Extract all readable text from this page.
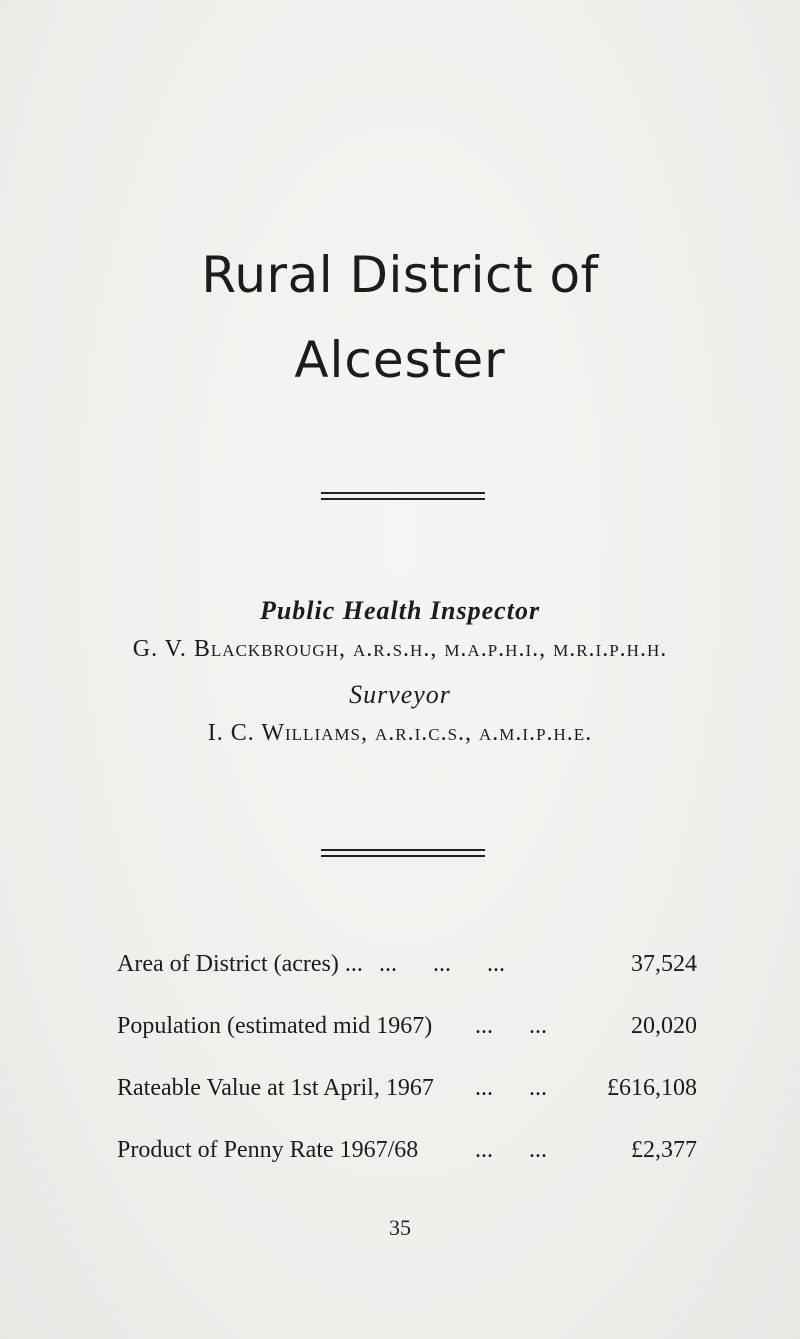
Rural District of
Alcester
Public Health Inspector
G. V. Blackbrough, a.r.s.h., m.a.p.h.i., m.r.i.p.h.h.
Surveyor
I. C. Williams, a.r.i.c.s., a.m.i.p.h.e.
Area of District (acres) ... ...      ...      ...	37,524
Population (estimated mid 1967) ...      ...	20,020
Rateable Value at 1st April, 1967 ...      ...	£616,108
Product of Penny Rate 1967/68 ...      ...	£2,377
35
